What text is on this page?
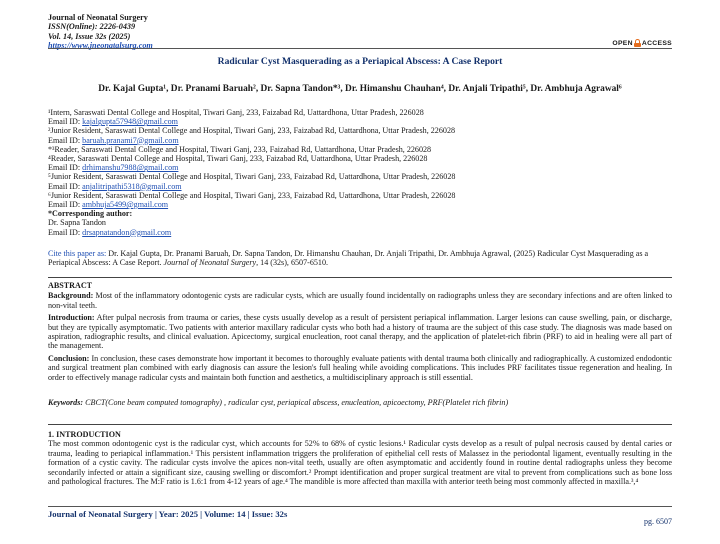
Journal of Neonatal Surgery
ISSN(Online): 2226-0439
Vol. 14, Issue 32s (2025)
https://www.jneonatalsurg.com	OPEN ACCESS
Radicular Cyst Masquerading as a Periapical Abscess: A Case Report
Dr. Kajal Gupta¹, Dr. Pranami Baruah², Dr. Sapna Tandon*³, Dr. Himanshu Chauhan⁴, Dr. Anjali Tripathi⁵, Dr. Ambhuja Agrawal⁶
¹Intern, Saraswati Dental College and Hospital, Tiwari Ganj, 233, Faizabad Rd, Uattardhona, Uttar Pradesh, 226028
Email ID: kajalgupta57948@gmail.com
²Junior Resident, Saraswati Dental College and Hospital, Tiwari Ganj, 233, Faizabad Rd, Uattardhona, Uttar Pradesh, 226028
Email ID: baruah.pranami7@gmail.com
*³Reader, Saraswati Dental College and Hospital, Tiwari Ganj, 233, Faizabad Rd, Uattardhona, Uttar Pradesh, 226028
⁴Reader, Saraswati Dental College and Hospital, Tiwari Ganj, 233, Faizabad Rd, Uattardhona, Uttar Pradesh, 226028
Email ID: drhimanshu7988@gmail.com
⁵Junior Resident, Saraswati Dental College and Hospital, Tiwari Ganj, 233, Faizabad Rd, Uattardhona, Uttar Pradesh, 226028
Email ID: anjalitripathi5318@gmail.com
⁶Junior Resident, Saraswati Dental College and Hospital, Tiwari Ganj, 233, Faizabad Rd, Uattardhona, Uttar Pradesh, 226028
Email ID: ambhuja5499@gmail.com
*Corresponding author:
Dr. Sapna Tandon
Email ID: drsapnatandon@gmail.com
Cite this paper as: Dr. Kajal Gupta, Dr. Pranami Baruah, Dr. Sapna Tandon, Dr. Himanshu Chauhan, Dr. Anjali Tripathi, Dr. Ambhuja Agrawal, (2025) Radicular Cyst Masquerading as a Periapical Abscess: A Case Report. Journal of Neonatal Surgery, 14 (32s), 6507-6510.
ABSTRACT

Background: Most of the inflammatory odontogenic cysts are radicular cysts, which are usually found incidentally on radiographs unless they are secondary infections and are often linked to non-vital teeth.

Introduction: After pulpal necrosis from trauma or caries, these cysts usually develop as a result of persistent periapical inflammation. Larger lesions can cause swelling, pain, or discharge, but they are typically asymptomatic. Two patients with anterior maxillary radicular cysts who both had a history of trauma are the subject of this case study. The diagnosis was made based on aspiration, radiographic results, and clinical evaluation. Apicectomy, surgical enucleation, root canal therapy, and the application of platelet-rich fibrin (PRF) to aid in healing were all part of the management.

Conclusion: In conclusion, these cases demonstrate how important it becomes to thoroughly evaluate patients with dental trauma both clinically and radiographically. A customized endodontic and surgical treatment plan combined with early diagnosis can assure the lesion's full healing while avoiding complications. This includes PRF facilitates tissue regeneration and healing. In order to effectively manage radicular cysts and maintain both function and aesthetics, a multidisciplinary approach is still essential.

Keywords: CBCT(Cone beam computed tomography) , radicular cyst, periapical abscess, enucleation, apicoectomy, PRF(Platelet rich fibrin)
1. INTRODUCTION
The most common odontogenic cyst is the radicular cyst, which accounts for 52% to 68% of cystic lesions.¹ Radicular cysts develop as a result of pulpal necrosis caused by dental caries or trauma, leading to periapical inflammation.¹ This persistent inflammation triggers the proliferation of epithelial cell rests of Malassez in the periodontal ligament, eventually resulting in the formation of a cystic cavity. The radicular cysts involve the apices non-vital teeth, usually are often asymptomatic and accidently found in routine dental radiographs unless they become secondarily infected or attain a significant size, causing swelling or discomfort.² Prompt identification and proper surgical treatment are vital to prevent from complications such as bone loss and pathological fractures. The M:F ratio is 1.6:1 from 4-12 years of age.⁴ The mandible is more affected than maxilla with anterior teeth being most commonly affected in maxilla.³,⁴
Journal of Neonatal Surgery | Year: 2025 | Volume: 14 | Issue: 32s
pg. 6507
